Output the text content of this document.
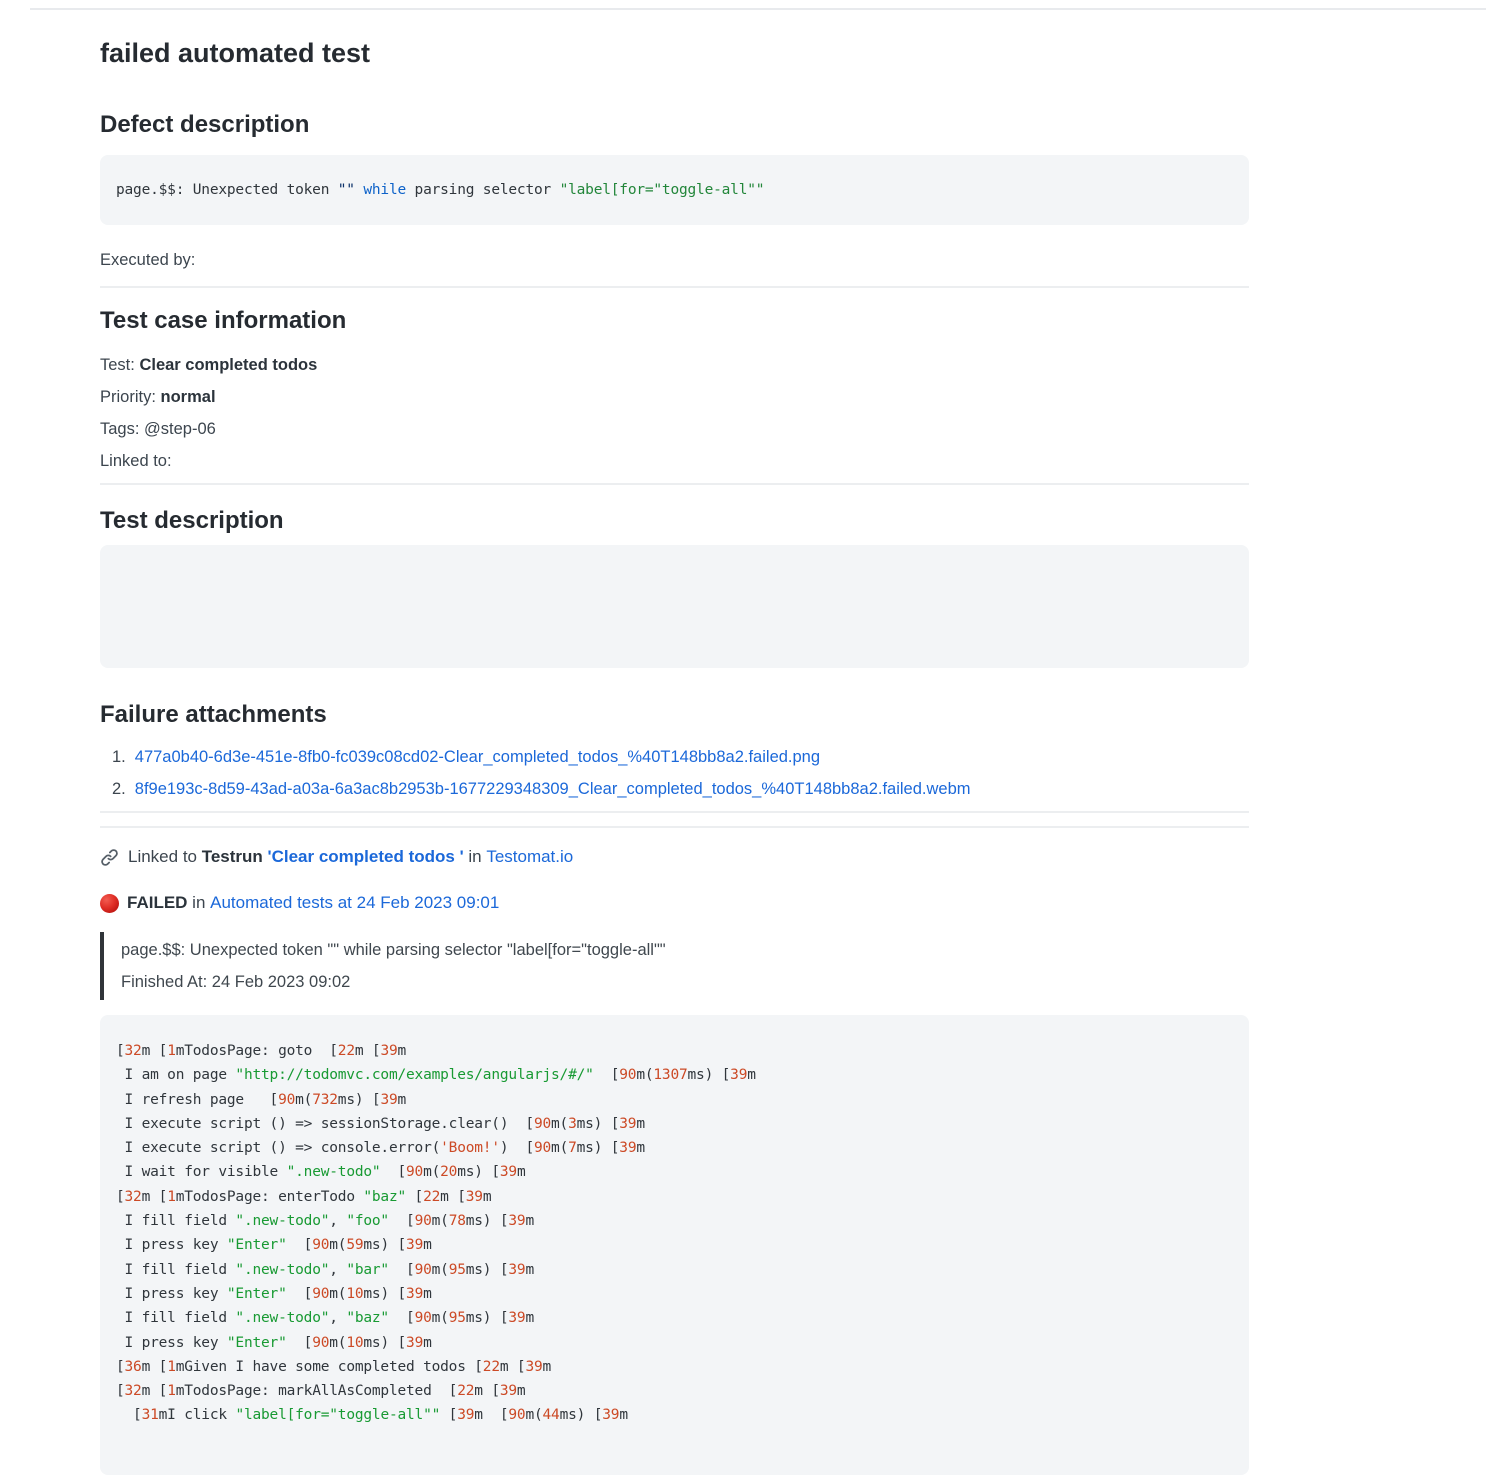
failed automated test
Defect description
page.$$: Unexpected token "" while parsing selector "label[for="toggle-all""

Executed by:

Test case information

Test: Clear completed todos

Priority: normal

Tags: @step-06

Linked to:

Test description
Failure attachments
1. 477a0b40-6d3e-451e-8fb0-fc039c08cd02-Clear_completed_todos_%40T148bb8a2.failed.png
2. 8f9e193c-8d59-43ad-a03a-6a3ac8b2953b-1677229348309_Clear_completed_todos_%40T148bb8a2.failed.webm
Linked to Testrun 'Clear completed todos ' in Testomat.io
FAILED in Automated tests at 24 Feb 2023 09:01

page.$$: Unexpected token "" while parsing selector "label[for="toggle-all""

Finished At: 24 Feb 2023 09:02

[32m [1mTodosPage: goto  [22m [39m
I am on page "http://todomvc.com/examples/angularjs/#/"  [90m(1307ms) [39m
I refresh page   [90m(732ms) [39m
I execute script () => sessionStorage.clear()  [90m(3ms) [39m
I execute script () => console.error('Boom!')  [90m(7ms) [39m
I wait for visible ".new-todo"  [90m(20ms) [39m
[32m [1mTodosPage: enterTodo "baz" [22m [39m
I fill field ".new-todo", "foo"  [90m(78ms) [39m
I press key "Enter"  [90m(59ms) [39m
I fill field ".new-todo", "bar"  [90m(95ms) [39m
I press key "Enter"  [90m(10ms) [39m
I fill field ".new-todo", "baz"  [90m(95ms) [39m
I press key "Enter"  [90m(10ms) [39m
[36m [1mGiven I have some completed todos [22m [39m
[32m [1mTodosPage: markAllAsCompleted  [22m [39m
[31mI click "label[for="toggle-all"" [39m  [90m(44ms) [39m
